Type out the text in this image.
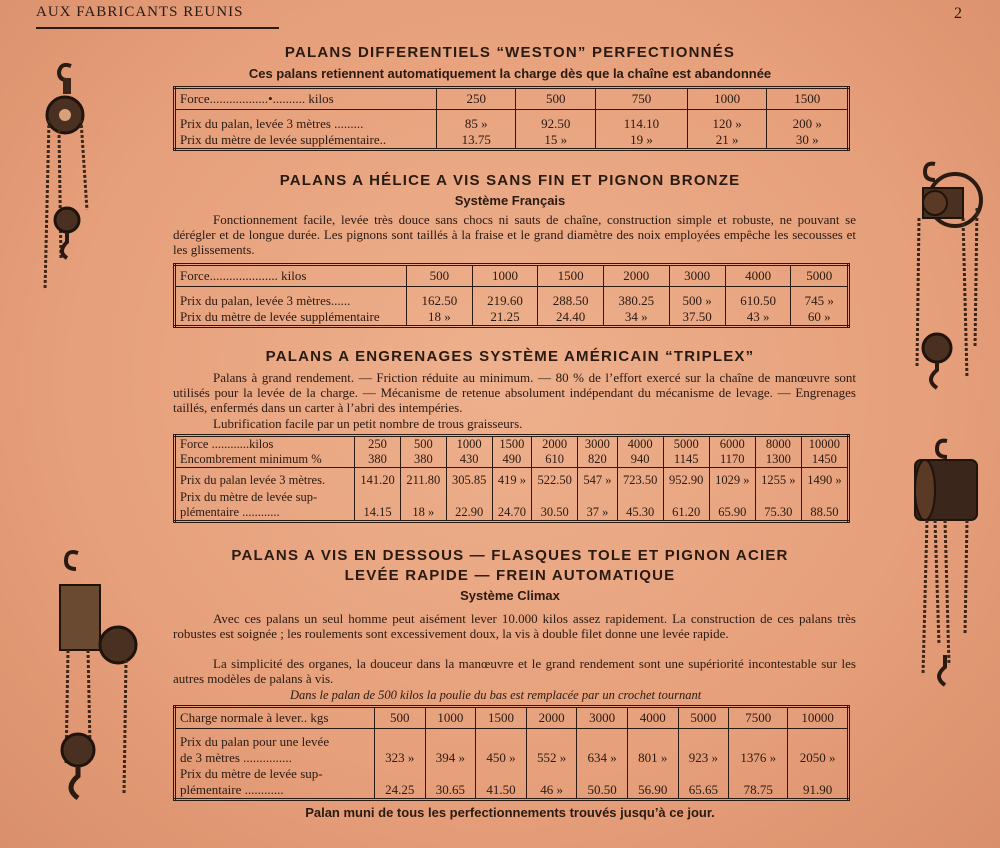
AUX FABRICANTS REUNIS	2
PALANS DIFFERENTIELS “WESTON” PERFECTIONNÉS
Ces palans retiennent automatiquement la charge dès que la chaîne est abandonnée
Force..................•.......... kilos	250	500	750	1000	1500
Prix du palan, levée 3 mètres .........	85 »	92.50	114.10	120 »	200 »
Prix du mètre de levée supplémentaire..	13.75	15 »	19 »	21 »	30 »
PALANS A HÉLICE A VIS SANS FIN ET PIGNON BRONZE
Système Français

Fonctionnement facile, levée très douce sans chocs ni sauts de chaîne, construction simple et robuste, ne pouvant se dérégler et de longue durée. Les pignons sont taillés à la fraise et le grand diamètre des noix employées empêche les secousses et les glissements.

Force..................... kilos	500	1000	1500	2000	3000	4000	5000
Prix du palan, levée 3 mètres......	162.50	219.60	288.50	380.25	500 »	610.50	745 »
Prix du mètre de levée supplémentaire	18 »	21.25	24.40	34 »	37.50	43 »	60 »
PALANS A ENGRENAGES SYSTÈME AMÉRICAIN “TRIPLEX”

Palans à grand rendement. — Friction réduite au minimum. — 80 % de l’effort exercé sur la chaîne de manœuvre sont utilisés pour la levée de la charge. — Mécanisme de retenue absolument indépendant du mécanisme de levage. — Engrenages taillés, enfermés dans un carter à l’abri des intempéries.

Lubrification facile par un petit nombre de trous graisseurs.

Force ............kilos	250	500	1000	1500	2000	3000	4000	5000	6000	8000	10000
Encombrement minimum %	380	380	430	490	610	820	940	1145	1170	1300	1450
Prix du palan levée 3 mètres.	141.20	211.80	305.85	419 »	522.50	547 »	723.50	952.90	1029 »	1255 »	1490 »

Prix du mètre de levée sup-
plémentaire ............	14.15	18 »	22.90	24.70	30.50	37 »	45.30	61.20	65.90	75.30	88.50
PALANS A VIS EN DESSOUS — FLASQUES TOLE ET PIGNON ACIER
LEVÉE RAPIDE — FREIN AUTOMATIQUE
Système Climax

Avec ces palans un seul homme peut aisément lever 10.000 kilos assez rapidement. La construction de ces palans très robustes est soignée ; les roulements sont excessivement doux, la vis à double filet donne une levée rapide.

La simplicité des organes, la douceur dans la manœuvre et le grand rendement sont une supériorité incontestable sur les autres modèles de palans à vis.

Dans le palan de 500 kilos la poulie du bas est remplacée par un crochet tournant
Charge normale à lever.. kgs	500	1000	1500	2000	3000	4000	5000	7500	10000

Prix du palan pour une levée
de 3 mètres ...............	323 »	394 »	450 »	552 »	634 »	801 »	923 »	1376 »	2050 »

Prix du mètre de levée sup-
plémentaire ............	24.25	30.65	41.50	46 »	50.50	56.90	65.65	78.75	91.90
Palan muni de tous les perfectionnements trouvés jusqu’à ce jour.
